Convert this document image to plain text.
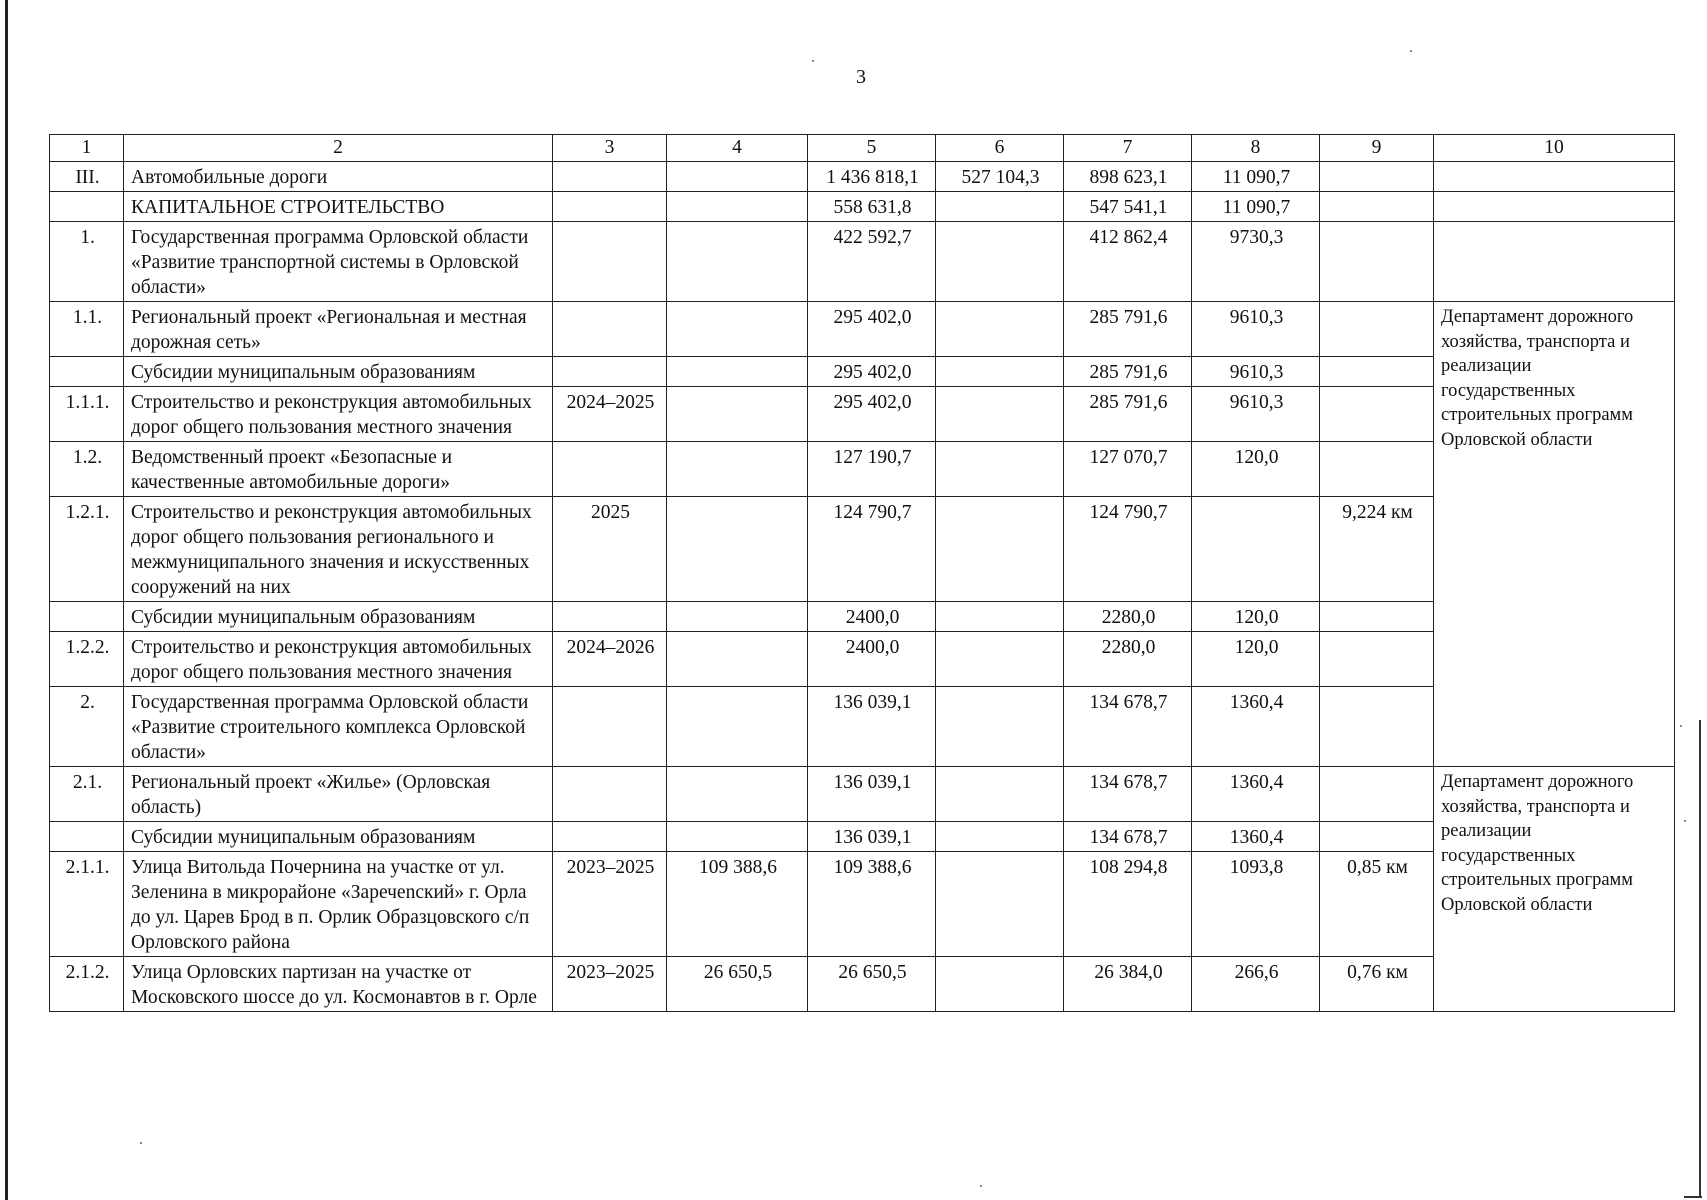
3
1	2	3	4	5	6	7	8	9	10	
III.	Автомобильные дороги			1 436 818,1	527 104,3	898 623,1	11 090,7			
	КАПИТАЛЬНОЕ СТРОИТЕЛЬСТВО			558 631,8		547 541,1	11 090,7			
1.	Государственная программа Орловской области «Развитие транспортной системы в Орловской области»			422 592,7		412 862,4	9730,3			
1.1.	Региональный проект «Региональная и местная дорожная сеть»			295 402,0		285 791,6	9610,3		Департамент дорожного хозяйства, транспорта и реализации государственных строительных программ Орловской области	
	Субсидии муниципальным образованиям			295 402,0		285 791,6	9610,3			
1.1.1.	Строительство и реконструкция автомобильных дорог общего пользования местного значения	2024–2025		295 402,0		285 791,6	9610,3			
1.2.	Ведомственный проект «Безопасные и качественные автомобильные дороги»			127 190,7		127 070,7	120,0			
1.2.1.	Строительство и реконструкция автомобильных дорог общего пользования регионального и межмуниципального значения и искусственных сооружений на них	2025		124 790,7		124 790,7		9,224 км		
	Субсидии муниципальным образованиям			2400,0		2280,0	120,0			
1.2.2.	Строительство и реконструкция автомобильных дорог общего пользования местного значения	2024–2026		2400,0		2280,0	120,0			
2.	Государственная программа Орловской области «Развитие строительного комплекса Орловской области»			136 039,1		134 678,7	1360,4			
2.1.	Региональный проект «Жилье» (Орловская область)			136 039,1		134 678,7	1360,4		Департамент дорожного хозяйства, транспорта и реализации государственных строительных программ Орловской области	
	Субсидии муниципальным образованиям			136 039,1		134 678,7	1360,4			
2.1.1.	Улица Витольда Почернина на участке от ул. Зеленина в микрорайоне «Заречenский» г. Орла до ул. Царев Брод в п. Орлик Образцовского с/п Орловского района	2023–2025	109 388,6	109 388,6		108 294,8	1093,8	0,85 км		
2.1.2.	Улица Орловских партизан на участке от Московского шоссе до ул. Космонавтов в г. Орле	2023–2025	26 650,5	26 650,5		26 384,0	266,6	0,76 км		
